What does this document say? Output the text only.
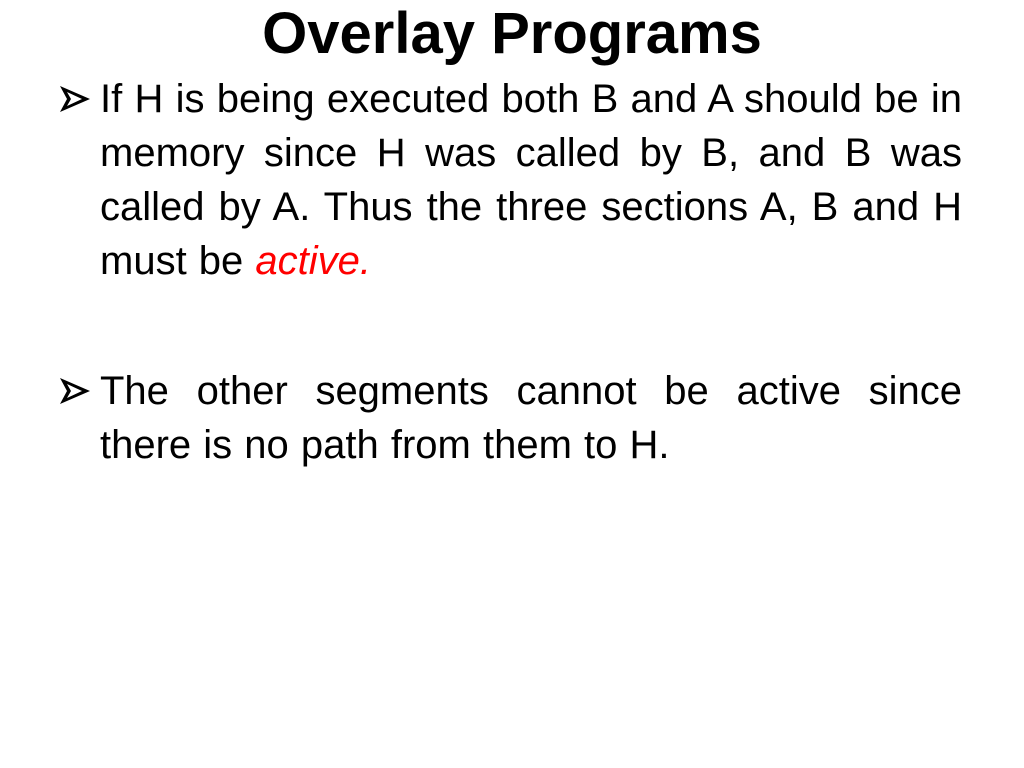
Overlay Programs
If H is being executed both B and A should be in memory since H was called by B, and B was called by A. Thus the three sections A, B and H must be active.
The other segments cannot be active since there is no path from them to H.
